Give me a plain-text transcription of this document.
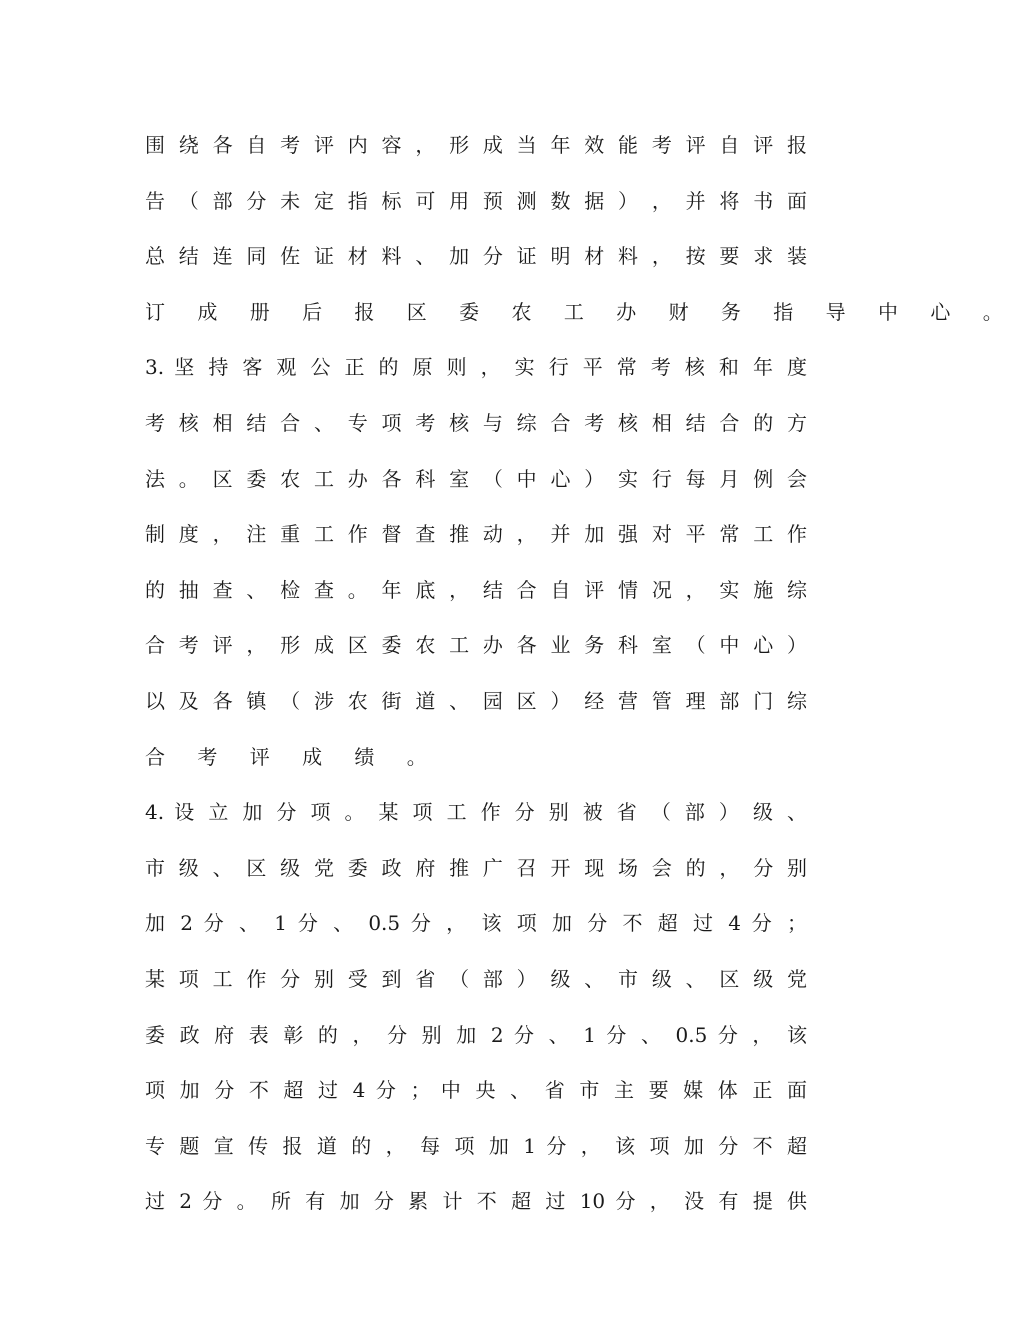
围 绕 各 自 考 评 内 容 ， 形 成 当 年 效 能 考 评 自 评 报
告 （ 部 分 未 定 指 标 可 用 预 测 数 据 ） ， 并 将 书 面
总 结 连 同 佐 证 材 料 、 加 分 证 明 材 料 ， 按 要 求 装
订 成 册 后 报 区 委 农 工 办 财 务 指 导 中 心 。
3. 坚 持 客 观 公 正 的 原 则 ， 实 行 平 常 考 核 和 年 度
考 核 相 结 合 、 专 项 考 核 与 综 合 考 核 相 结 合 的 方
法 。 区 委 农 工 办 各 科 室 （ 中 心 ） 实 行 每 月 例 会
制 度 ， 注 重 工 作 督 查 推 动 ， 并 加 强 对 平 常 工 作
的 抽 查 、 检 查 。 年 底 ， 结 合 自 评 情 况 ， 实 施 综
合 考 评 ， 形 成 区 委 农 工 办 各 业 务 科 室 （ 中 心 ）
以 及 各 镇 （ 涉 农 街 道 、 园 区 ） 经 营 管 理 部 门 综
合 考 评 成 绩 。
4. 设 立 加 分 项 。 某 项 工 作 分 别 被 省 （ 部 ） 级 、
市 级 、 区 级 党 委 政 府 推 广 召 开 现 场 会 的 ， 分 别
加 2 分 、 1 分 、 0.5 分 ， 该 项 加 分 不 超 过 4 分 ；
某 项 工 作 分 别 受 到 省 （ 部 ） 级 、 市 级 、 区 级 党
委 政 府 表 彰 的 ， 分 别 加 2 分 、 1 分 、 0.5 分 ， 该
项 加 分 不 超 过 4 分 ； 中 央 、 省 市 主 要 媒 体 正 面
专 题 宣 传 报 道 的 ， 每 项 加 1 分 ， 该 项 加 分 不 超
过 2 分 。 所 有 加 分 累 计 不 超 过 10 分 ， 没 有 提 供
